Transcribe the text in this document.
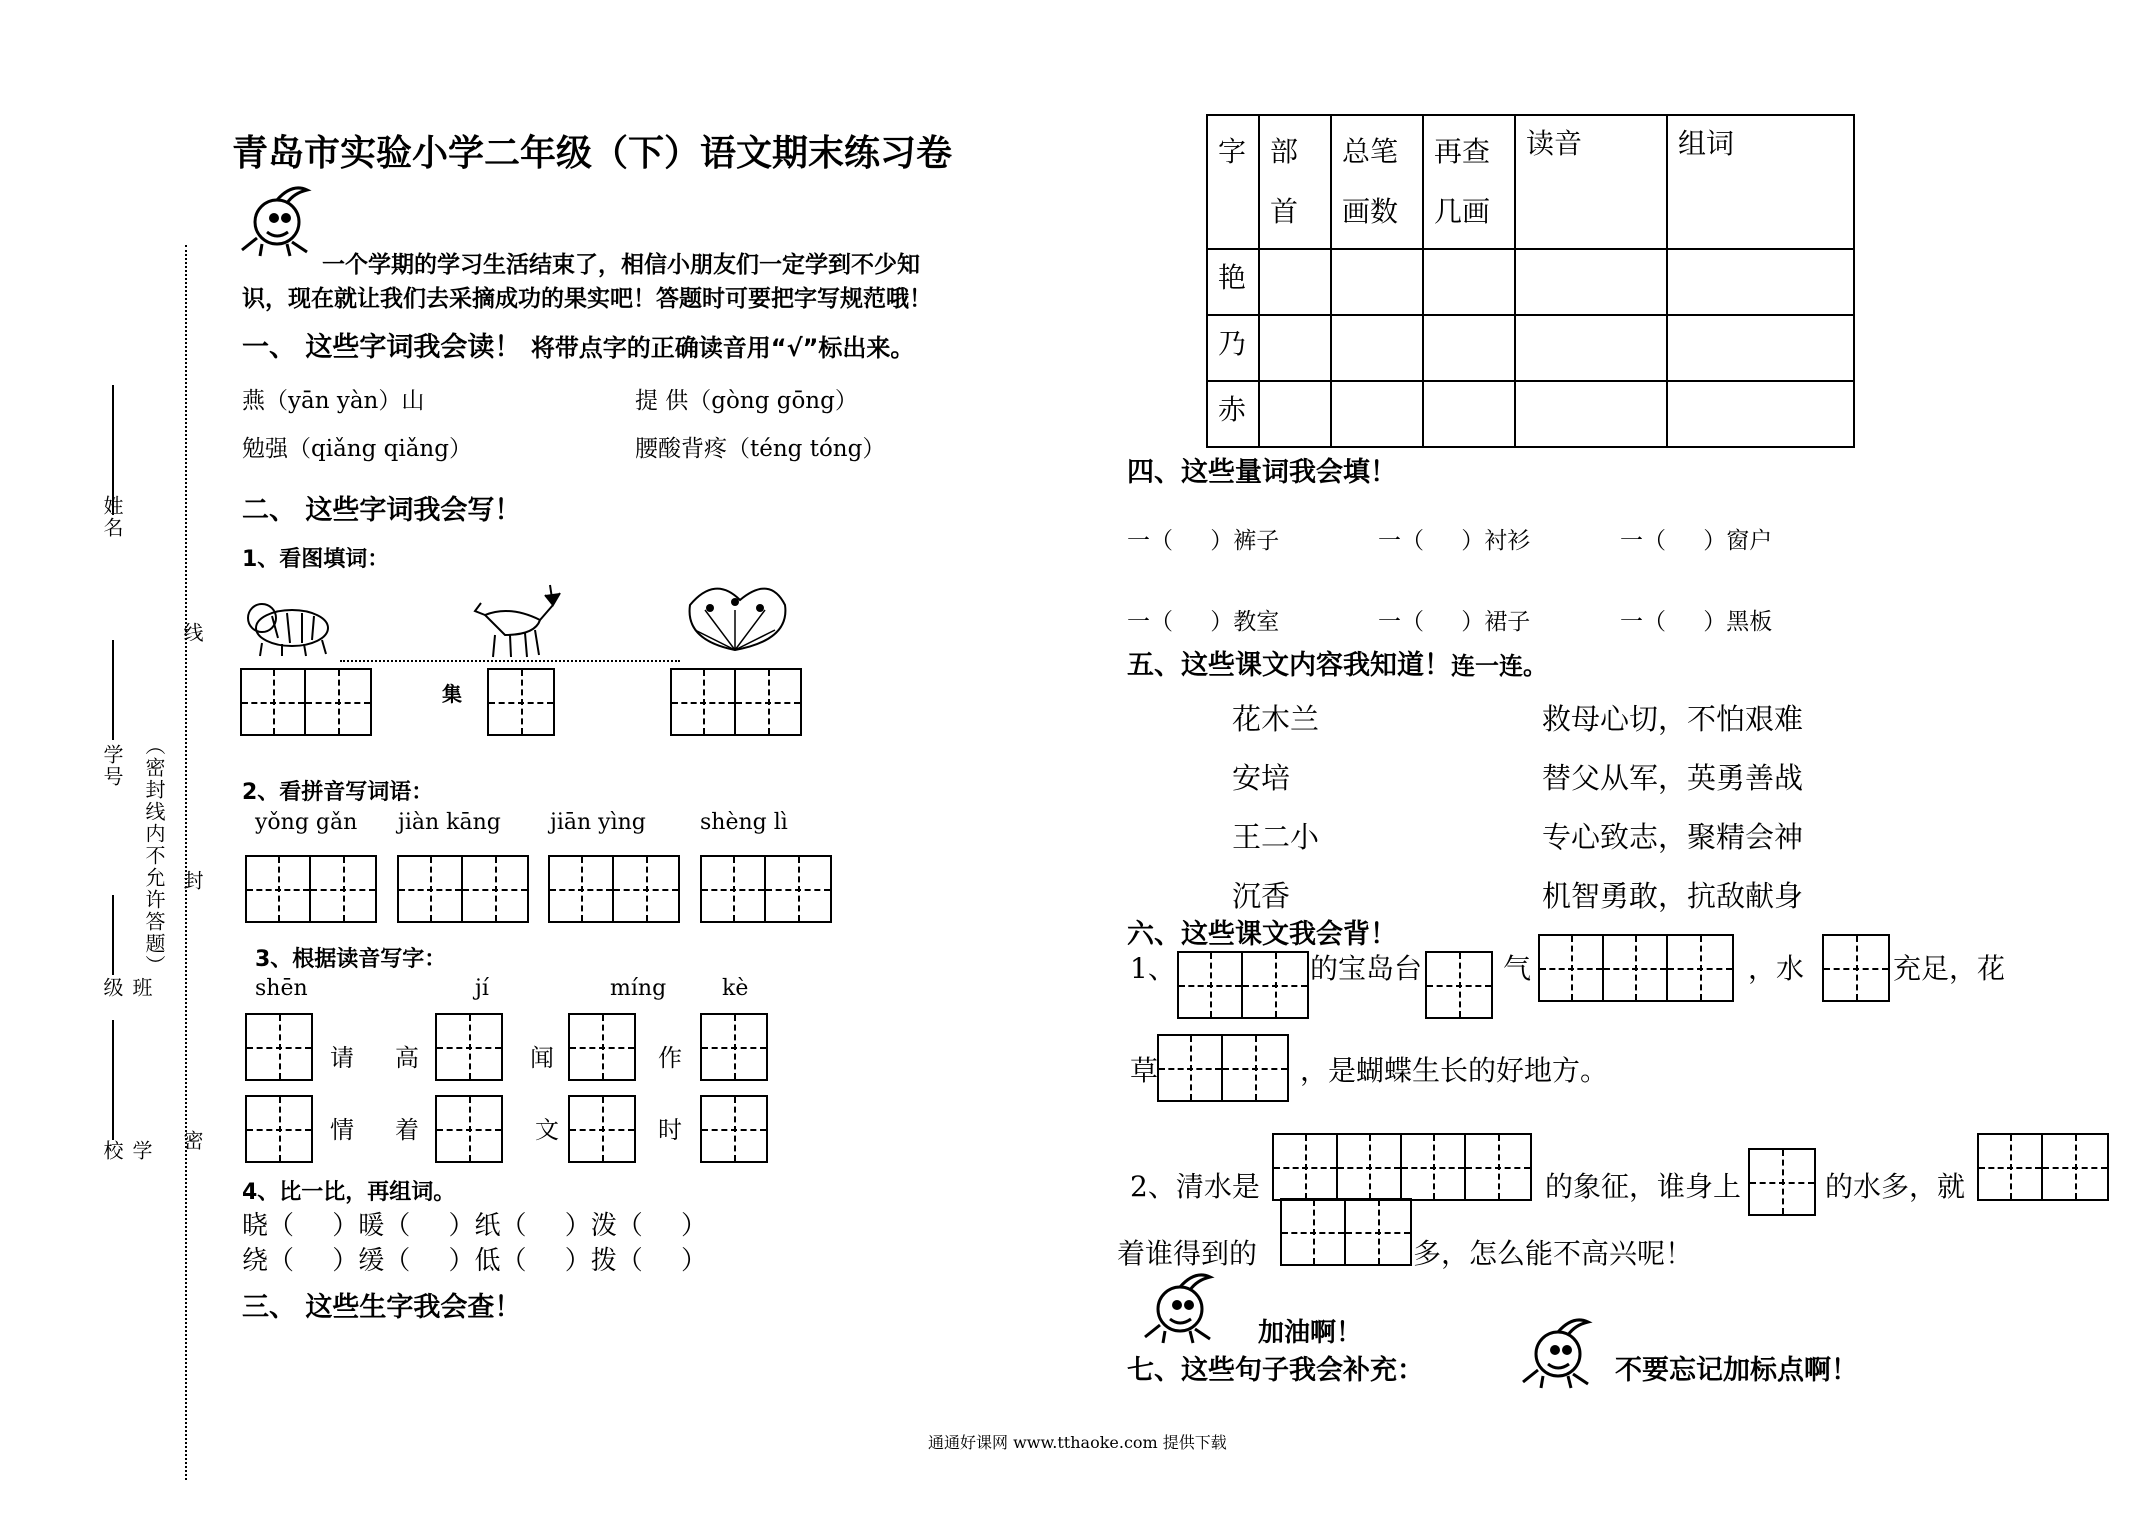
姓名
线
学号 （密封线内不允许答题） 封
班级
密
学校
青岛市实验小学二年级（下）语文期末练习卷
一个学期的学习生活结束了，相信小朋友们一定学到不少知
识，现在就让我们去采摘成功的果实吧！答题时可要把字写规范哦！
一、 这些字词我会读！ 将带点字的正确读音用“√”标出来。
燕（yān yàn）山	提 供（gòng gōng）
勉强（qiǎng qiǎng）	腰酸背疼（téng tóng）
二、 这些字词我会写！
1、看图填词：
集
2、看拼音写词语：
yǒng gǎn jiàn kāng jiān yìng shèng lì
3、根据读音写字：
shēn	jí	míng	kè
请 高	闻	作
情 着	文	时
4、比一比，再组词。
晓（ ）暖（ ）纸（ ）泼（ ）
绕（ ）缓（ ）低（ ）拨（ ）
三、 这些生字我会查！
字	部首	总笔画数	再查几画	读音	组词
艳					
乃					
赤					
四、这些量词我会填！
一（ ）裤子	一（ ）衬衫	一（ ）窗户
一（ ）教室	一（ ）裙子	一（ ）黑板
五、这些课文内容我知道！连一连。
花木兰
安培
王二小
沉香
救母心切，不怕艰难
替父从军，英勇善战
专心致志，聚精会神
机智勇敢，抗敌献身
六、这些课文我会背！
1、	的宝岛台	气	，水	充足，花
草	，是蝴蝶生长的好地方。
2、清水是	的象征，谁身上	的水多，就
着谁得到的	多，怎么能不高兴呢！
加油啊！
七、这些句子我会补充：	不要忘记加标点啊！
通通好课网 www.tthaoke.com 提供下载
